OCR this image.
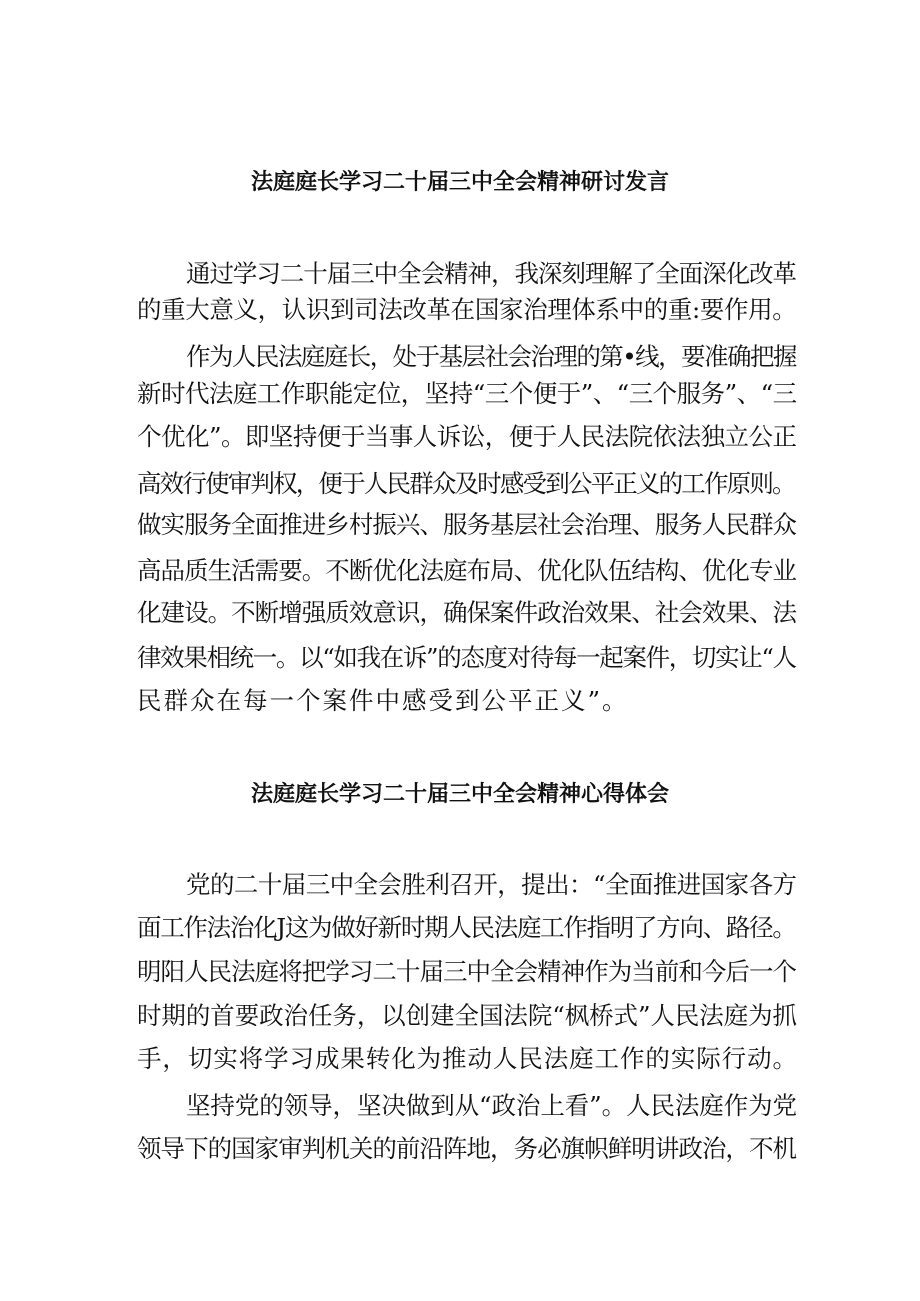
法庭庭长学习二十届三中全会精神研讨发言

通过学习二十届三中全会精神，我深刻理解了全面深化改革

的重大意义，认识到司法改革在国家治理体系中的重:要作用。

作为人民法庭庭长，处于基层社会治理的第•线，要准确把握

新时代法庭工作职能定位，坚持“三个便于”、“三个服务”、“三

个优化”。即坚持便于当事人诉讼，便于人民法院依法独立公正

高效行使审判权，便于人民群众及时感受到公平正义的工作原则。

做实服务全面推进乡村振兴、服务基层社会治理、服务人民群众

高品质生活需要。不断优化法庭布局、优化队伍结构、优化专业

化建设。不断增强质效意识，确保案件政治效果、社会效果、法

律效果相统一。以“如我在诉”的态度对待每一起案件，切实让“人

民群众在每一个案件中感受到公平正义”。

法庭庭长学习二十届三中全会精神心得体会

党的二十届三中全会胜利召开，提出：“全面推进国家各方

面工作法治化J这为做好新时期人民法庭工作指明了方向、路径。

明阳人民法庭将把学习二十届三中全会精神作为当前和今后一个

时期的首要政治任务，以创建全国法院“枫桥式”人民法庭为抓

手，切实将学习成果转化为推动人民法庭工作的实际行动。

坚持党的领导，坚决做到从“政治上看”。人民法庭作为党

领导下的国家审判机关的前沿阵地，务必旗帜鲜明讲政治，不机
